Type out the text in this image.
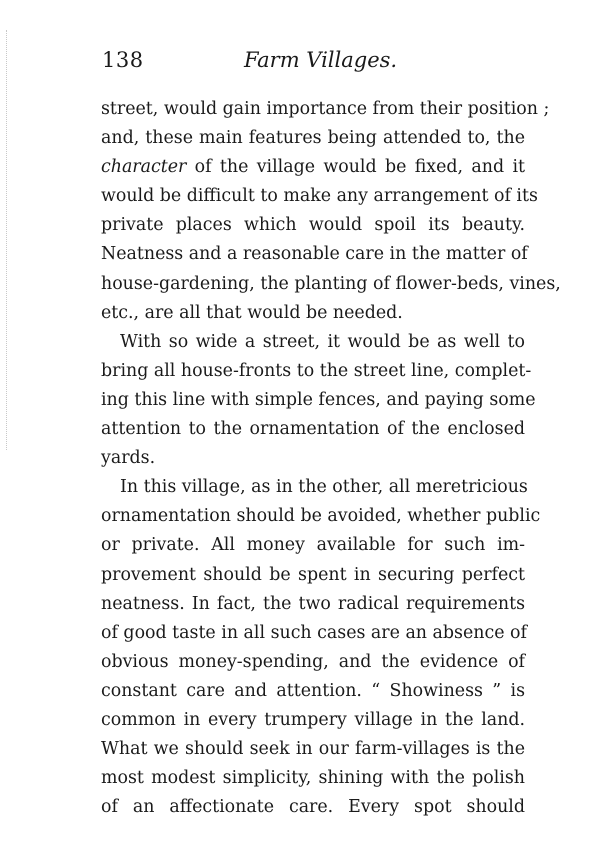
138	Farm Villages.
street, would gain importance from their position ;
and, these main features being attended to, the
character of the village would be fixed, and it
would be difficult to make any arrangement of its
private places which would spoil its beauty.
Neatness and a reasonable care in the matter of
house-gardening, the planting of flower-beds, vines,
etc., are all that would be needed.
With so wide a street, it would be as well to
bring all house-fronts to the street line, complet-
ing this line with simple fences, and paying some
attention to the ornamentation of the enclosed
yards.
In this village, as in the other, all meretricious
ornamentation should be avoided, whether public
or private. All money available for such im-
provement should be spent in securing perfect
neatness. In fact, the two radical requirements
of good taste in all such cases are an absence of
obvious money-spending, and the evidence of
constant care and attention. “ Showiness ” is
common in every trumpery village in the land.
What we should seek in our farm-villages is the
most modest simplicity, shining with the polish
of an affectionate care. Every spot should
